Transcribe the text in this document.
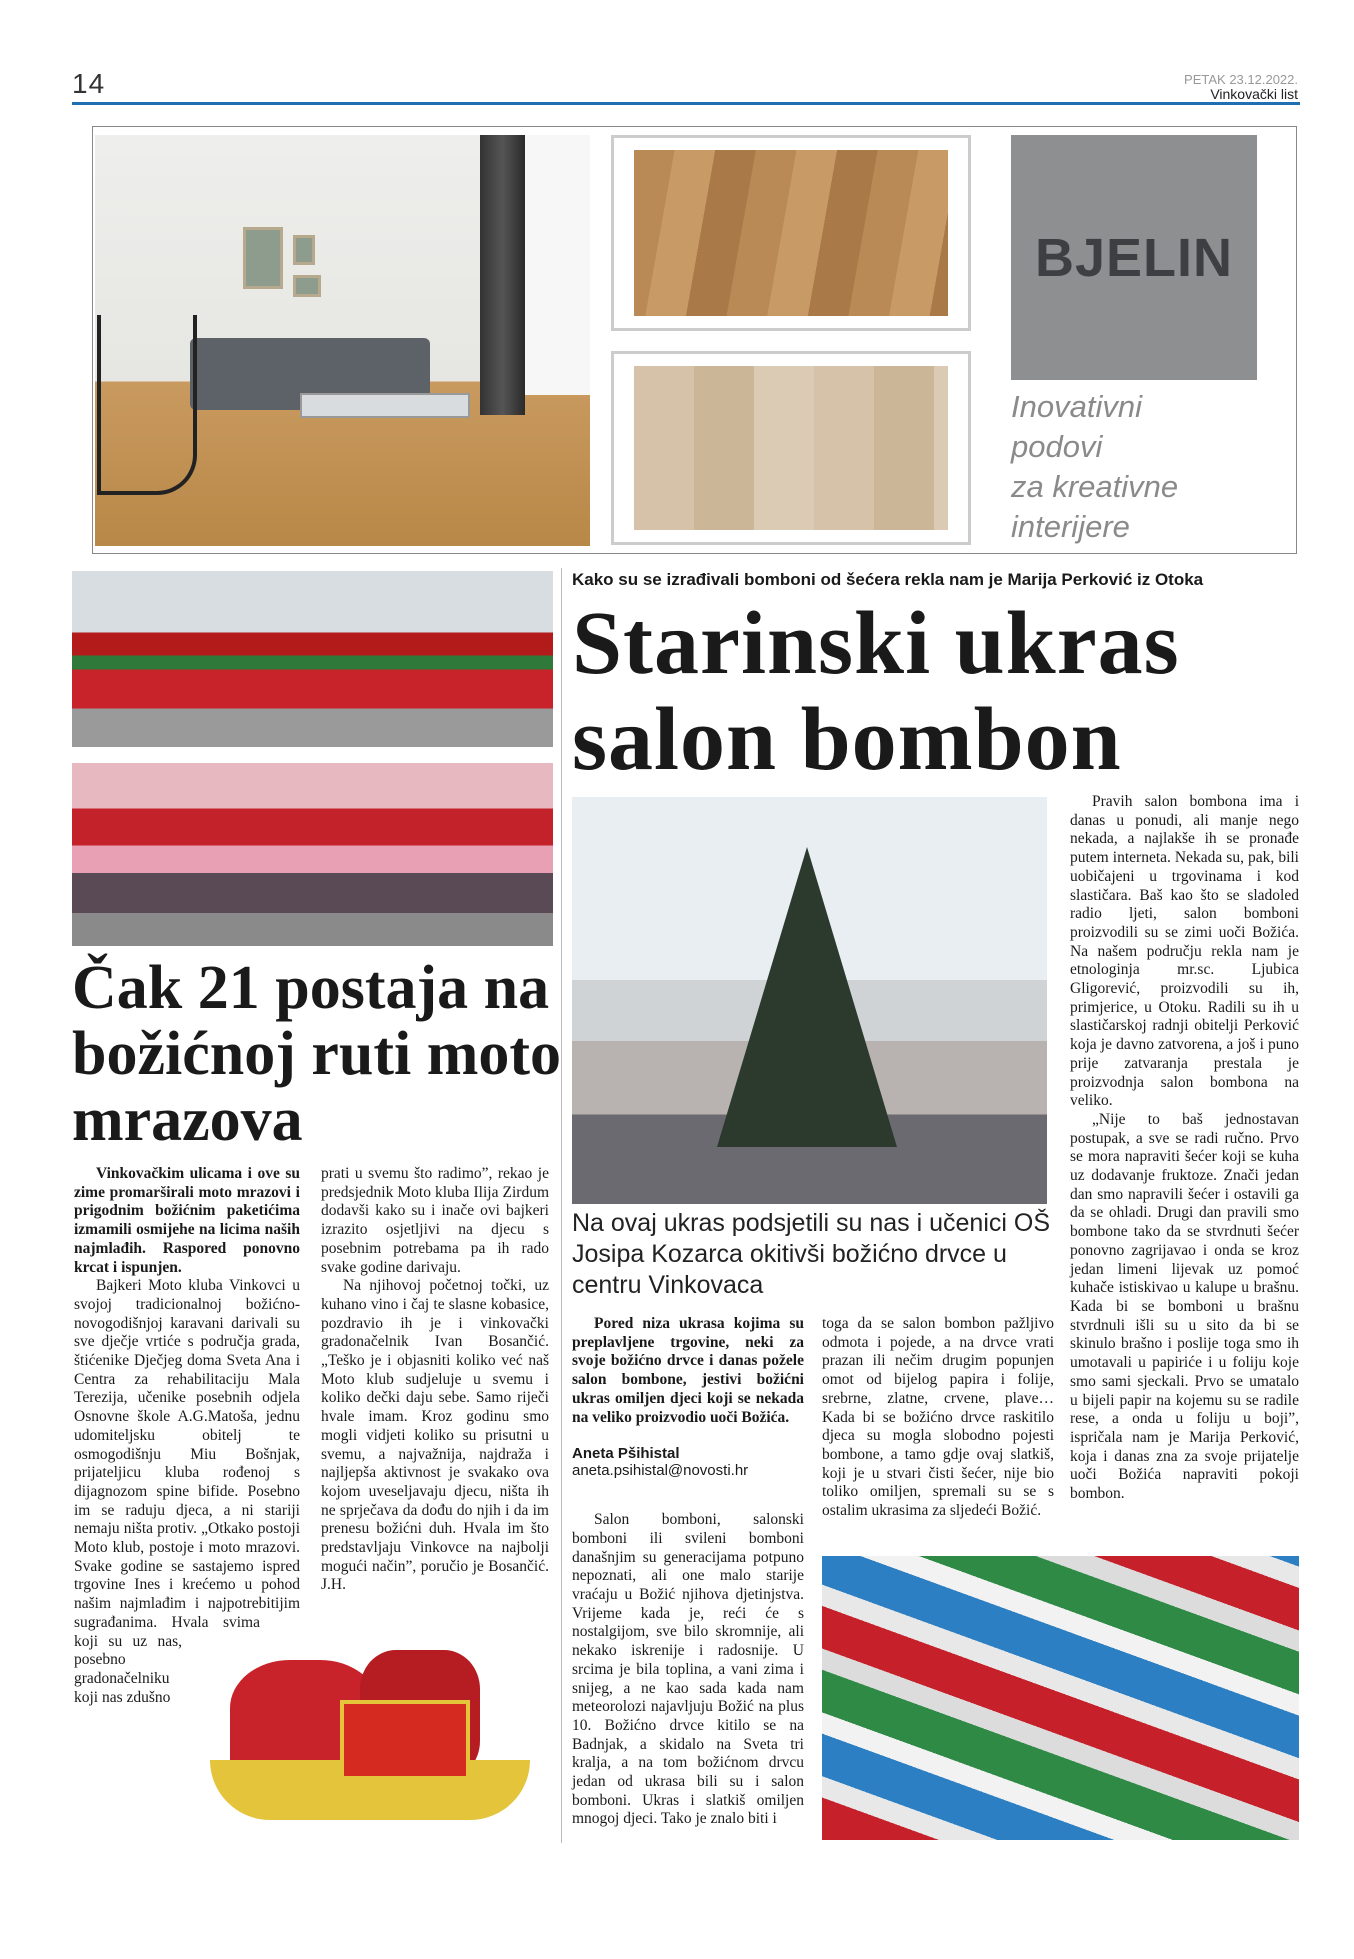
14	PETAK 23.12.2022.
Vinkovački list
BJELIN
Inovativni
podovi
za kreativne
interijere
Čak 21 postaja na božićnoj ruti moto mrazova

Vinkovačkim ulicama i ove su zime promarširali moto mrazovi i prigodnim božićnim paketićima izmamili osmijehe na licima naših najmlađih. Raspored ponovno krcat i ispunjen.

Bajkeri Moto kluba Vinkovci u svojoj tradicionalnoj božićno-novogodišnjoj karavani darivali su sve dječje vrtiće s područja grada, štićenike Dječjeg doma Sveta Ana i Centra za rehabilitaciju Mala Terezija, učenike posebnih odjela Osnovne škole A.G.Matoša, jednu udomiteljsku obitelj te osmogodišnju Miu Bošnjak, prijateljicu kluba rođenoj s dijagnozom spine bifide. Posebno im se raduju djeca, a ni stariji nemaju ništa protiv. „Otkako postoji Moto klub, postoje i moto mrazovi. Svake godine se sastajemo ispred trgovine Ines i krećemo u pohod našim najmlađim i najpotrebitijim sugrađanima. Hvala svima koji su uz nas, posebno gradonačelniku koji nas zdušno

prati u svemu što radimo”, rekao je predsjednik Moto kluba Ilija Zirdum dodavši kako su i inače ovi bajkeri izrazito osjetljivi na djecu s posebnim potrebama pa ih rado svake godine darivaju.

Na njihovoj početnoj točki, uz kuhano vino i čaj te slasne kobasice, pozdravio ih je i vinkovački gradonačelnik Ivan Bosančić. „Teško je i objasniti koliko već naš Moto klub sudjeluje u svemu i koliko dečki daju sebe. Samo riječi hvale imam. Kroz godinu smo mogli vidjeti koliko su prisutni u svemu, a najvažnija, najdraža i najljepša aktivnost je svakako ova kojom uveseljavaju djecu, ništa ih ne sprječava da dođu do njih i da im prenesu božićni duh. Hvala im što predstavljaju Vinkovce na najbolji mogući način”, poručio je Bosančić. J.H.

Kako su se izrađivali bomboni od šećera rekla nam je Marija Perković iz Otoka
Starinski ukras
salon bombon
Na ovaj ukras podsjetili su nas i učenici OŠ Josipa Kozarca okitivši božićno drvce u centru Vinkovaca

Pored niza ukrasa kojima su preplavljene trgovine, neki za svoje božićno drvce i danas požele salon bombone, jestivi božićni ukras omiljen djeci koji se nekada na veliko proizvodio uoči Božića.

Aneta Pšihistal
aneta.psihistal@novosti.hr

Salon bomboni, salonski bomboni ili svileni bomboni današnjim su generacijama potpuno nepoznati, ali one malo starije vraćaju u Božić njihova djetinjstva. Vrijeme kada je, reći će s nostalgijom, sve bilo skromnije, ali nekako iskrenije i radosnije. U srcima je bila toplina, a vani zima i snijeg, a ne kao sada kada nam meteorolozi najavljuju Božić na plus 10. Božićno drvce kitilo se na Badnjak, a skidalo na Sveta tri kralja, a na tom božićnom drvcu jedan od ukrasa bili su i salon bomboni. Ukras i slatkiš omiljen mnogoj djeci. Tako je znalo biti i

toga da se salon bombon pažljivo odmota i pojede, a na drvce vrati prazan ili nečim drugim popunjen omot od bijelog papira i folije, srebrne, zlatne, crvene, plave… Kada bi se božićno drvce raskitilo djeca su mogla slobodno pojesti bombone, a tamo gdje ovaj slatkiš, koji je u stvari čisti šećer, nije bio toliko omiljen, spremali su se s ostalim ukrasima za sljedeći Božić.

Pravih salon bombona ima i danas u ponudi, ali manje nego nekada, a najlakše ih se pronađe putem interneta. Nekada su, pak, bili uobičajeni u trgovinama i kod slastičara. Baš kao što se sladoled radio ljeti, salon bomboni proizvodili su se zimi uoči Božića. Na našem području rekla nam je etnologinja mr.sc. Ljubica Gligorević, proizvodili su ih, primjerice, u Otoku. Radili su ih u slastičarskoj radnji obitelji Perković koja je davno zatvorena, a još i puno prije zatvaranja prestala je proizvodnja salon bombona na veliko.

„Nije to baš jednostavan postupak, a sve se radi ručno. Prvo se mora napraviti šećer koji se kuha uz dodavanje fruktoze. Znači jedan dan smo napravili šećer i ostavili ga da se ohladi. Drugi dan pravili smo bombone tako da se stvrdnuti šećer ponovno zagrijavao i onda se kroz jedan limeni lijevak uz pomoć kuhače istiskivao u kalupe u brašnu. Kada bi se bomboni u brašnu stvrdnuli išli su u sito da bi se skinulo brašno i poslije toga smo ih umotavali u papiriće i u foliju koje smo sami sjeckali. Prvo se umatalo u bijeli papir na kojemu su se radile rese, a onda u foliju u boji”, ispričala nam je Marija Perković, koja i danas zna za svoje prijatelje uoči Božića napraviti pokoji bombon.
